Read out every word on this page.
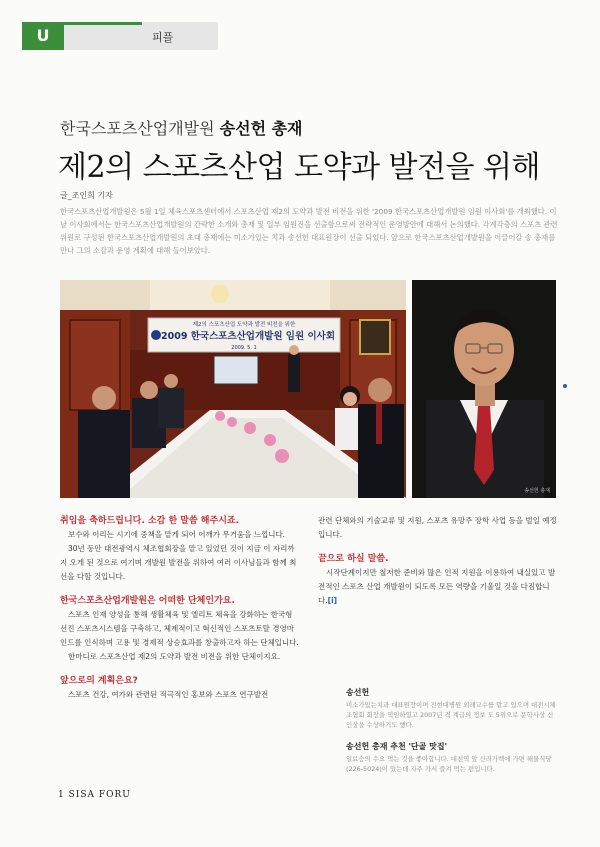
U	피플
한국스포츠산업개발원 송선헌 총재
제2의 스포츠산업 도약과 발전을 위해
글_조인희 기자
한국스포츠산업개발원은 5월 1일 체육스포츠센터에서 스포츠산업 제2의 도약과 발전 비전을 위한 '2009 한국스포츠산업개발원 임원 이사회'를 개최했다. 이날 이사회에서는 한국스포츠산업개발원의 간략한 소개와 총재 및 일부 임원진을 선출함으로써 전략적인 운영방안에 대해서 논의했다. 각계각층의 스포츠 관련위원로 구성된 한국스포츠산업개발원의 초대 총재에는 미소가있는 치과 송선헌 대표원장이 선출 되었다. 앞으로 한국스포츠산업개발원을 이끌어갈 송 총재를 만나 그의 소감과 운영 계획에 대해 들어보았다.
제2의 스포츠산업 도약과 발전 비전을 위한
2009 한국스포츠산업개발원 임원 이사회
2009. 5. 1
송선헌 총재
취임을 축하드립니다. 소감 한 말씀 해주시죠.

보수와 이리는 시기에 중책을 맡게 되어 어깨가 무거움을 느낍니다.

30년 동안 대전광역시 체조협회장을 맡고 있었던 것이 지금 이 자리까지 오게 된 것으로 여기며 개발원 발전을 위하여 여러 이사님들과 함께 최선을 다할 것입니다.

한국스포츠산업개발원은 어떠한 단체인가요.

스포츠 인재 양성을 통해 생활체육 및 엘리트 체육을 강화하는 한국형 선진 스포츠시스템을 구축하고, 체계적이고 혁신적인 스포츠토탈 경영마인드를 인식하며 고용 및 경제적 상승효과를 창출하고자 하는 단체입니다.

한마디로 스포츠산업 제2의 도약과 발전 비전을 위한 단체이지요.

앞으로의 계획은요?

스포츠 건강, 여가와 관련된 적극적인 홍보와 스포츠 연구발전

관련 단체와의 기술교류 및 지원, 스포츠 유망주 장학 사업 등을 벌일 예정입니다.

끝으로 하실 말씀.

시작단계이지만 철저한 준비와 많은 인적 지원을 이용하여 내실있고 발전적인 스포츠 산업 개발원이 되도록 모든 역량을 기울일 것을 다짐합니다.[i]

송선헌
미소가있는치과 대표원장이며 전현대병원 외래교수를 맡고 있으며 대전시체조협회 회장을 역임하였고 2007년 격 계급의 정보 도 5위으로 문학사상 신인상을 수상하기도 했다.
송선헌 총재 추천 '단골 맛집'
일료승의 수요 먹는 것을 좋아합니다. 대전역 앞 신라가백에 가면 해물식당(226-5024)이 있는데 자주 가서 즐겨 먹는 편입니다.
1 SISA FORU
